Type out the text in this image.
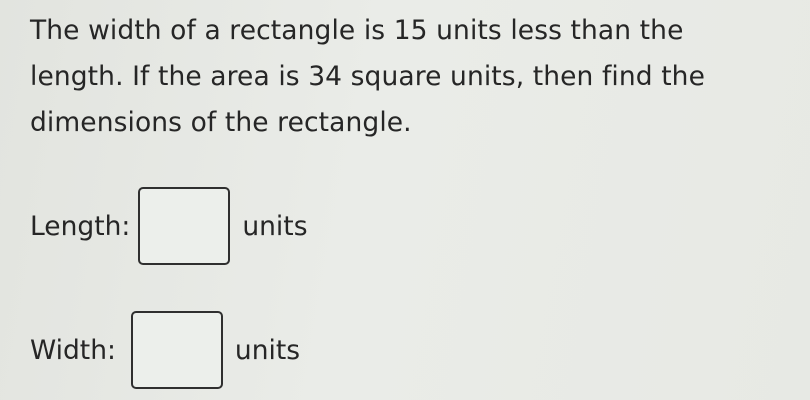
The width of a rectangle is 15 units less than the
length. If the area is 34 square units, then find the
dimensions of the rectangle.

Length:	units
Width:	units
